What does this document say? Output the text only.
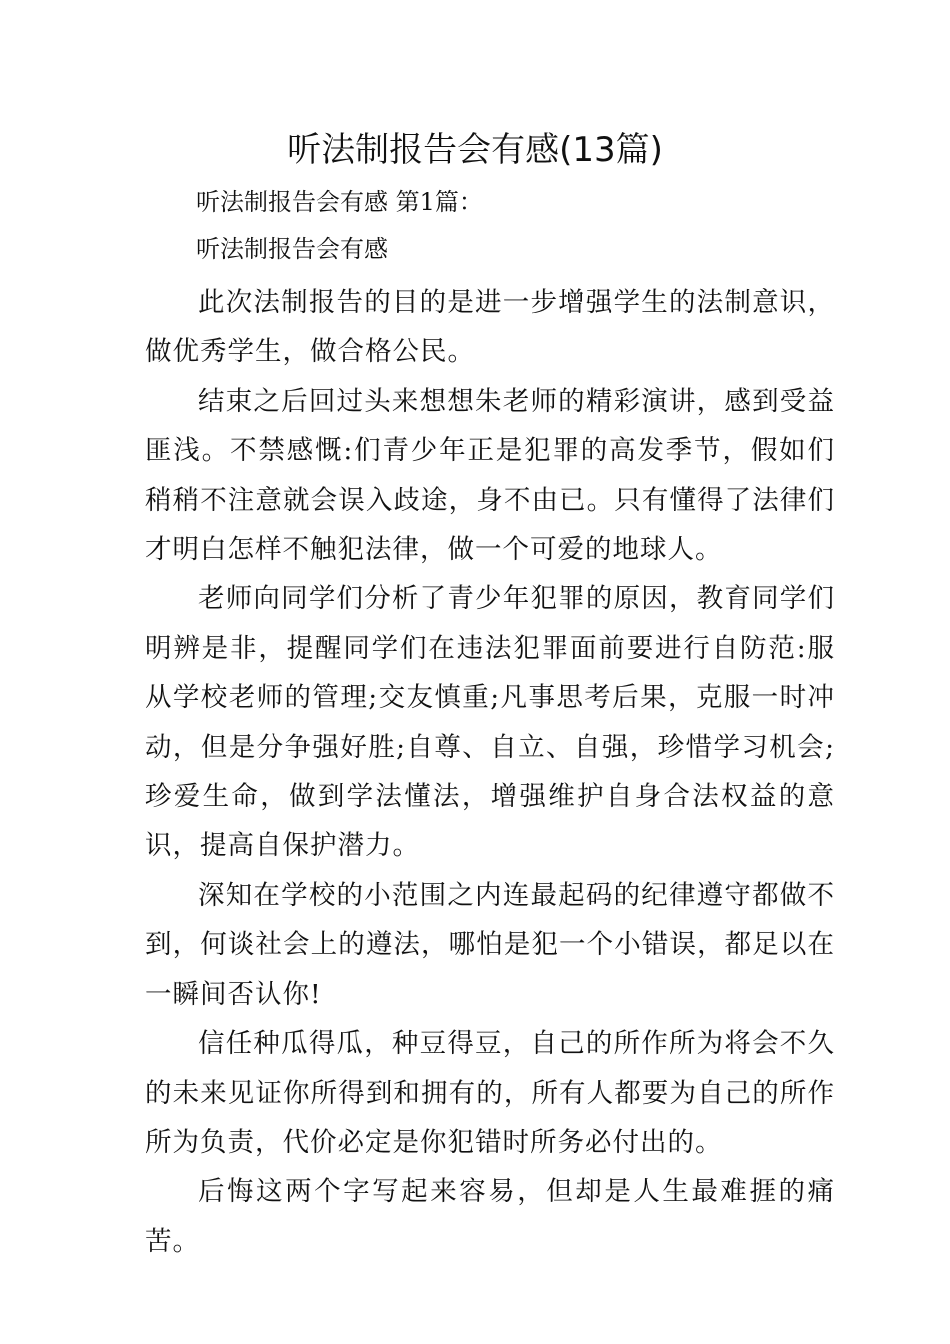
听法制报告会有感(13篇)

听法制报告会有感 第1篇：

听法制报告会有感

此次法制报告的目的是进一步增强学生的法制意识，做优秀学生，做合格公民。

结束之后回过头来想想朱老师的精彩演讲，感到受益匪浅。不禁感慨:们青少年正是犯罪的高发季节，假如们稍稍不注意就会误入歧途，身不由已。只有懂得了法律们才明白怎样不触犯法律，做一个可爱的地球人。

老师向同学们分析了青少年犯罪的原因，教育同学们明辨是非，提醒同学们在违法犯罪面前要进行自防范:服从学校老师的管理;交友慎重;凡事思考后果，克服一时冲动，但是分争强好胜;自尊、自立、自强，珍惜学习机会;珍爱生命，做到学法懂法，增强维护自身合法权益的意识，提高自保护潜力。

深知在学校的小范围之内连最起码的纪律遵守都做不到，何谈社会上的遵法，哪怕是犯一个小错误，都足以在一瞬间否认你!

信任种瓜得瓜，种豆得豆，自己的所作所为将会不久的未来见证你所得到和拥有的，所有人都要为自己的所作所为负责，代价必定是你犯错时所务必付出的。

后悔这两个字写起来容易，但却是人生最难捱的痛苦。
